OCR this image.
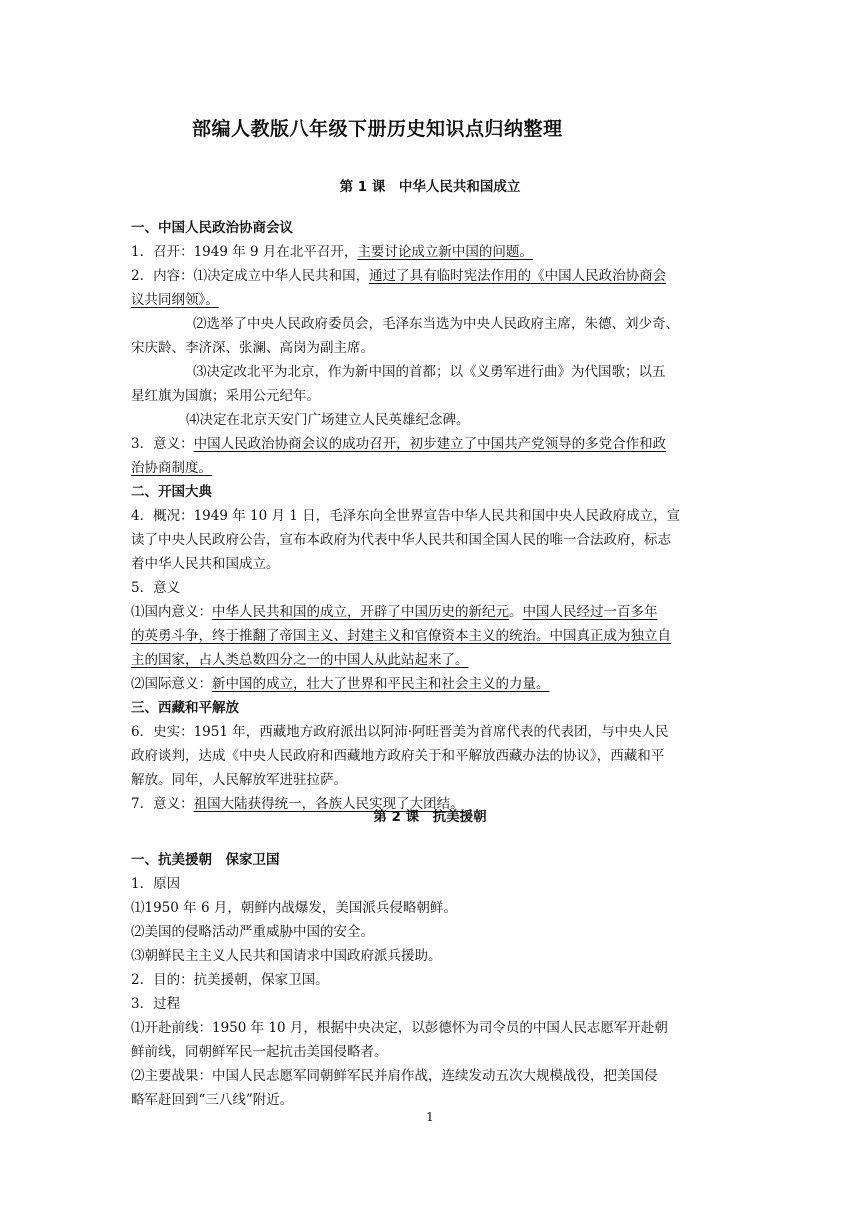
部编人教版八年级下册历史知识点归纳整理
第 1 课　中华人民共和国成立
一、中国人民政治协商会议
1．召开：1949 年 9 月在北平召开，主要讨论成立新中国的问题。
2．内容：⑴决定成立中华人民共和国，通过了具有临时宪法作用的《中国人民政治协商会
议共同纲领》。
⑵选举了中央人民政府委员会，毛泽东当选为中央人民政府主席，朱德、刘少奇、
宋庆龄、李济深、张澜、高岗为副主席。
⑶决定改北平为北京，作为新中国的首都；以《义勇军进行曲》为代国歌；以五
星红旗为国旗；采用公元纪年。
⑷决定在北京天安门广场建立人民英雄纪念碑。
3．意义：中国人民政治协商会议的成功召开，初步建立了中国共产党领导的多党合作和政
治协商制度。
二、开国大典
4．概况：1949 年 10 月 1 日，毛泽东向全世界宣告中华人民共和国中央人民政府成立，宣
读了中央人民政府公告，宣布本政府为代表中华人民共和国全国人民的唯一合法政府，标志
着中华人民共和国成立。
5．意义
⑴国内意义：中华人民共和国的成立，开辟了中国历史的新纪元。中国人民经过一百多年
的英勇斗争，终于推翻了帝国主义、封建主义和官僚资本主义的统治。中国真正成为独立自
主的国家，占人类总数四分之一的中国人从此站起来了。
⑵国际意义：新中国的成立，壮大了世界和平民主和社会主义的力量。
三、西藏和平解放
6．史实：1951 年，西藏地方政府派出以阿沛·阿旺晋美为首席代表的代表团，与中央人民
政府谈判，达成《中央人民政府和西藏地方政府关于和平解放西藏办法的协议》，西藏和平
解放。同年，人民解放军进驻拉萨。
7．意义：祖国大陆获得统一，各族人民实现了大团结。
第 2 课　抗美援朝
一、抗美援朝　保家卫国
1．原因
⑴1950 年 6 月，朝鲜内战爆发，美国派兵侵略朝鲜。
⑵美国的侵略活动严重威胁中国的安全。
⑶朝鲜民主主义人民共和国请求中国政府派兵援助。
2．目的：抗美援朝，保家卫国。
3．过程
⑴开赴前线：1950 年 10 月，根据中央决定，以彭德怀为司令员的中国人民志愿军开赴朝
鲜前线，同朝鲜军民一起抗击美国侵略者。
⑵主要战果：中国人民志愿军同朝鲜军民并肩作战，连续发动五次大规模战役，把美国侵
略军赶回到“三八线”附近。
1
